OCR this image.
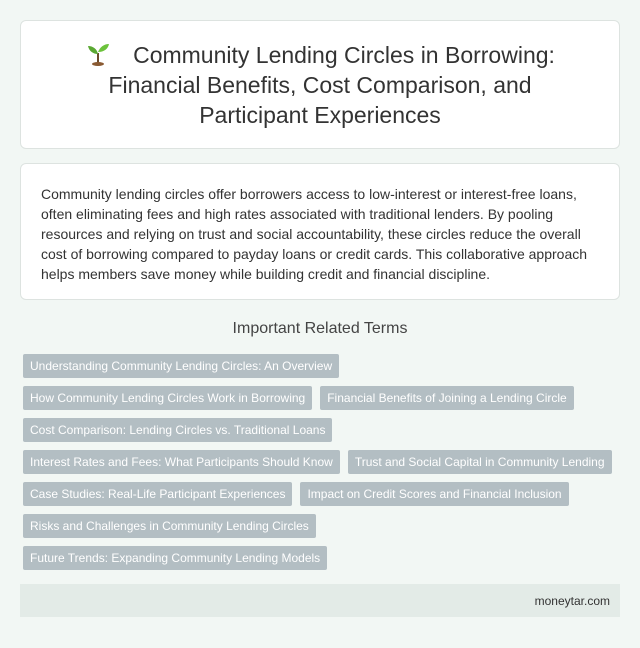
Community Lending Circles in Borrowing: Financial Benefits, Cost Comparison, and Participant Experiences

Community lending circles offer borrowers access to low-interest or interest-free loans, often eliminating fees and high rates associated with traditional lenders. By pooling resources and relying on trust and social accountability, these circles reduce the overall cost of borrowing compared to payday loans or credit cards. This collaborative approach helps members save money while building credit and financial discipline.

Important Related Terms
Understanding Community Lending Circles: An Overview
How Community Lending Circles Work in Borrowing	Financial Benefits of Joining a Lending Circle
Cost Comparison: Lending Circles vs. Traditional Loans
Interest Rates and Fees: What Participants Should Know	Trust and Social Capital in Community Lending
Case Studies: Real-Life Participant Experiences	Impact on Credit Scores and Financial Inclusion
Risks and Challenges in Community Lending Circles
Future Trends: Expanding Community Lending Models
moneytar.com
